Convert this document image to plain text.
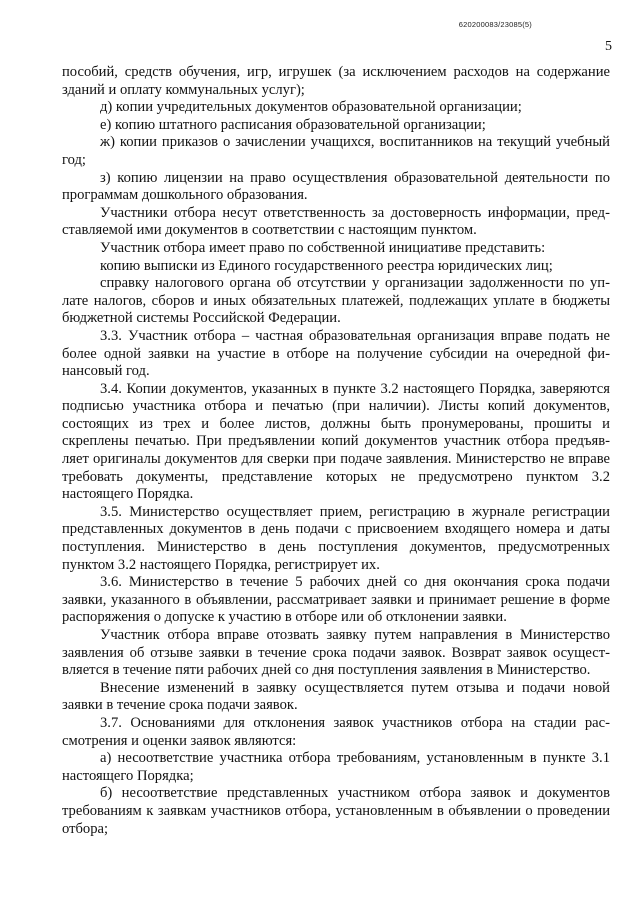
620200083/23085(5)
5

пособий, средств обучения, игр, игрушек (за исключением расходов на содержание зданий и оплату коммунальных услуг);

д) копии учредительных документов образовательной организации;

е) копию штатного расписания образовательной организации;

ж) копии приказов о зачислении учащихся, воспитанников на текущий учебный год;

з) копию лицензии на право осуществления образовательной деятельности по программам дошкольного образования.

Участники отбора несут ответственность за достоверность информации, представляемой ими документов в соответствии с настоящим пунктом.

Участник отбора имеет право по собственной инициативе представить:

копию выписки из Единого государственного реестра юридических лиц;

справку налогового органа об отсутствии у организации задолженности по уплате налогов, сборов и иных обязательных платежей, подлежащих уплате в бюджеты бюджетной системы Российской Федерации.

3.3. Участник отбора – частная образовательная организация вправе подать не более одной заявки на участие в отборе на получение субсидии на очередной финансовый год.

3.4. Копии документов, указанных в пункте 3.2 настоящего Порядка, заверяются подписью участника отбора и печатью (при наличии). Листы копий документов, состоящих из трех и более листов, должны быть пронумерованы, прошиты и скреплены печатью. При предъявлении копий документов участник отбора предъявляет оригиналы документов для сверки при подаче заявления. Министерство не вправе требовать документы, представление которых не предусмотрено пунктом 3.2 настоящего Порядка.

3.5. Министерство осуществляет прием, регистрацию в журнале регистрации представленных документов в день подачи с присвоением входящего номера и даты поступления. Министерство в день поступления документов, предусмотренных пунктом 3.2 настоящего Порядка, регистрирует их.

3.6. Министерство в течение 5 рабочих дней со дня окончания срока подачи заявки, указанного в объявлении, рассматривает заявки и принимает решение в форме распоряжения о допуске к участию в отборе или об отклонении заявки.

Участник отбора вправе отозвать заявку путем направления в Министерство заявления об отзыве заявки в течение срока подачи заявок. Возврат заявок осуществляется в течение пяти рабочих дней со дня поступления заявления в Министерство.

Внесение изменений в заявку осуществляется путем отзыва и подачи новой заявки в течение срока подачи заявок.

3.7. Основаниями для отклонения заявок участников отбора на стадии рассмотрения и оценки заявок являются:

а) несоответствие участника отбора требованиям, установленным в пункте 3.1 настоящего Порядка;

б) несоответствие представленных участником отбора заявок и документов требованиям к заявкам участников отбора, установленным в объявлении о проведении отбора;
